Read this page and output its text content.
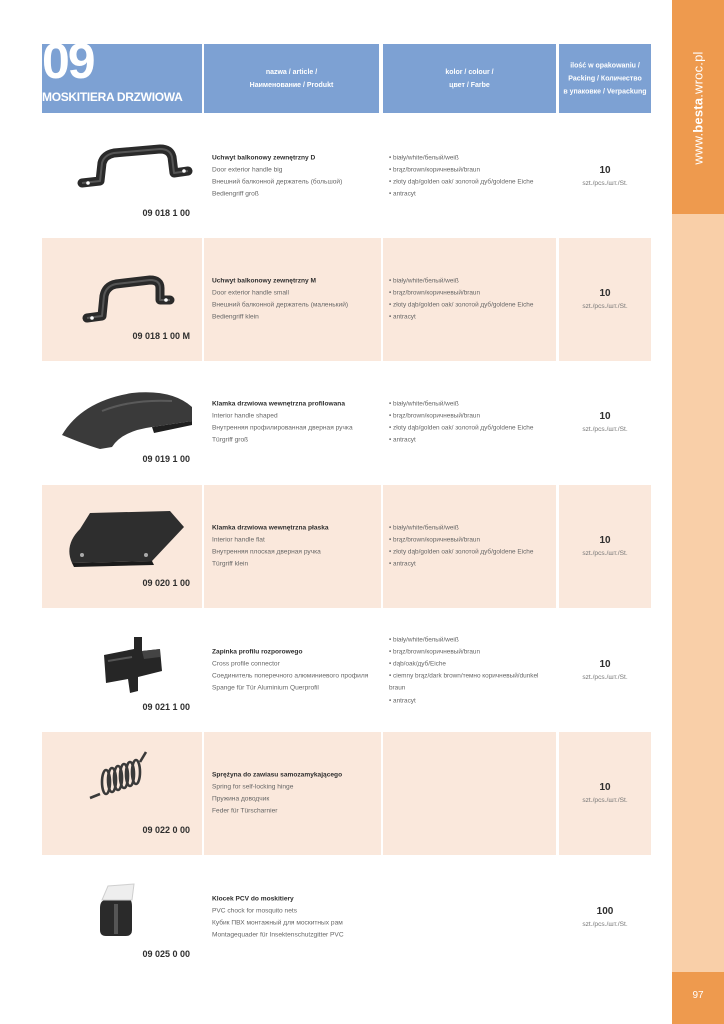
www.besta.wroc.pl
97
09
MOSKITIERA DRZWIOWA
nazwa / article /
Наименование / Produkt
kolor / colour /
цвет / Farbe
ilość w opakowaniu /
Packing / Количество
в упаковке / Verpackung
09 018 1 00
Uchwyt balkonowy zewnętrzny D
Door exterior handle big
Внешний балконной держатель (большой)
Bediengriff groß
• biały/white/белый/weiß
• brąz/brown/коричневый/braun
• złoty dąb/golden oak/ золотой дуб/goldene Eiche
• antracyt
10
szt./pcs./шт./St.
09 018 1 00 M
Uchwyt balkonowy zewnętrzny M
Door exterior handle small
Внешний балконной держатель (маленький)
Bediengriff klein
• biały/white/белый/weiß
• brąz/brown/коричневый/braun
• złoty dąb/golden oak/ золотой дуб/goldene Eiche
• antracyt
10
szt./pcs./шт./St.
09 019 1 00
Klamka drzwiowa wewnętrzna profilowana
Interior handle shaped
Внутренняя профилированная дверная ручка
Türgriff groß
• biały/white/белый/weiß
• brąz/brown/коричневый/braun
• złoty dąb/golden oak/ золотой дуб/goldene Eiche
• antracyt
10
szt./pcs./шт./St.
09 020 1 00
Klamka drzwiowa wewnętrzna płaska
Interior handle flat
Внутренняя плоская дверная ручка
Türgriff klein
• biały/white/белый/weiß
• brąz/brown/коричневый/braun
• złoty dąb/golden oak/ золотой дуб/goldene Eiche
• antracyt
10
szt./pcs./шт./St.
09 021 1 00
Zapinka profilu rozporowego
Cross profile connector
Соединитель поперечного алюминиевого профиля
Spange für Tür Aluminium Querprofil
• biały/white/белый/weiß
• brąz/brown/коричневый/braun
• dąb/oak/дуб/Eiche
• ciemny brąz/dark brown/темно коричневый/dunkel braun
• antracyt
10
szt./pcs./шт./St.
09 022 0 00
Sprężyna do zawiasu samozamykającego
Spring for self-locking hinge
Пружина доводчик
Feder für Türscharnier
10
szt./pcs./шт./St.
09 025 0 00
Klocek PCV do moskitiery
PVC chock for mosquito nets
Кубик ПВХ монтажный для москитных рам
Montagequader für Insektenschutzgitter PVC
100
szt./pcs./шт./St.
